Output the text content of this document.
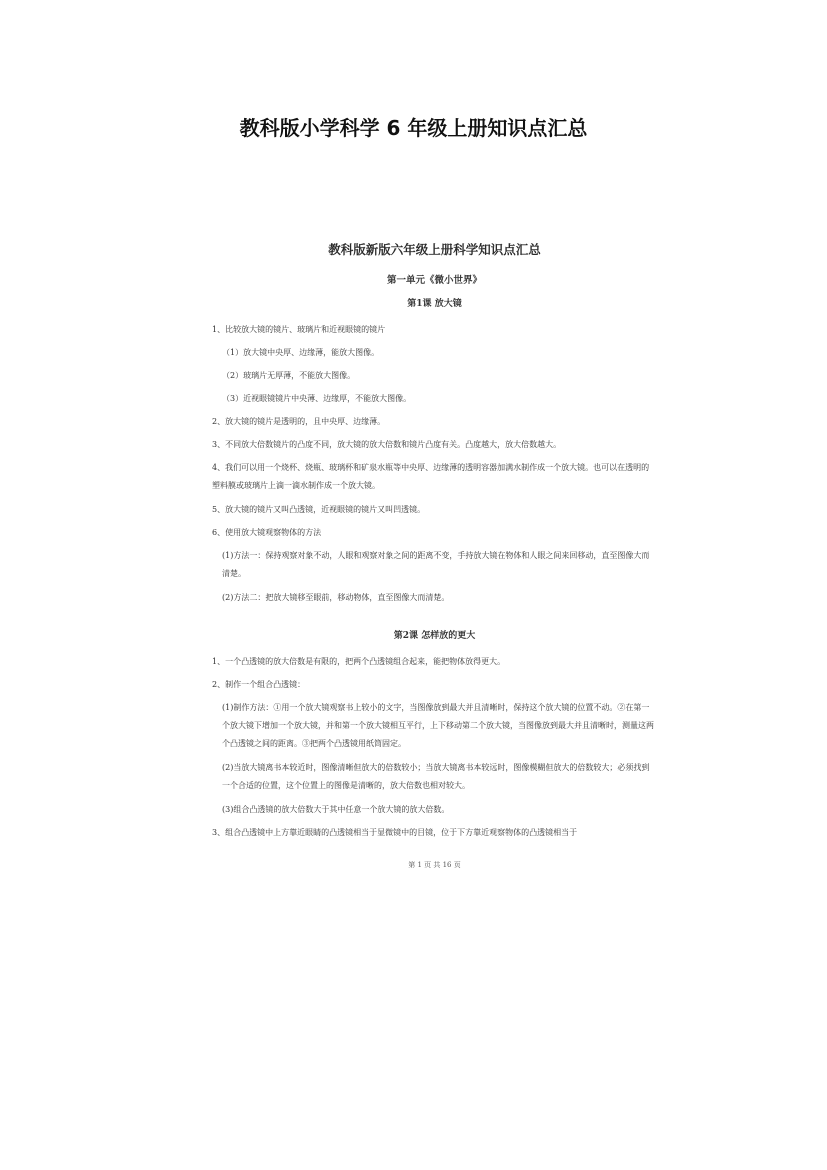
教科版小学科学 6 年级上册知识点汇总
教科版新版六年级上册科学知识点汇总
第一单元《微小世界》
第1课 放大镜
1、比较放大镜的镜片、玻璃片和近视眼镜的镜片
（1）放大镜中央厚、边缘薄，能放大图像。
（2）玻璃片无厚薄，不能放大图像。
（3）近视眼镜镜片中央薄、边缘厚，不能放大图像。
2、放大镜的镜片是透明的，且中央厚、边缘薄。
3、不同放大倍数镜片的凸度不同，放大镜的放大倍数和镜片凸度有关。凸度越大，放大倍数越大。
4、我们可以用一个烧杯、烧瓶、玻璃杯和矿泉水瓶等中央厚、边缘薄的透明容器加满水制作成一个放大镜。也可以在透明的塑料膜或玻璃片上滴一滴水制作成一个放大镜。
5、放大镜的镜片又叫凸透镜，近视眼镜的镜片又叫凹透镜。
6、使用放大镜观察物体的方法
(1)方法一：保持观察对象不动，人眼和观察对象之间的距离不变，手持放大镜在物体和人眼之间来回移动，直至图像大而清楚。
(2)方法二：把放大镜移至眼前，移动物体，直至图像大而清楚。
第2课 怎样放的更大
1、一个凸透镜的放大倍数是有限的，把两个凸透镜组合起来，能把物体放得更大。
2、制作一个组合凸透镜：
(1)制作方法：①用一个放大镜观察书上较小的文字，当图像放到最大并且清晰时，保持这个放大镜的位置不动。②在第一个放大镜下增加一个放大镜，并和第一个放大镜相互平行，上下移动第二个放大镜，当图像放到最大并且清晰时，测量这两个凸透镜之间的距离。③把两个凸透镜用纸筒固定。
(2)当放大镜离书本较近时，图像清晰但放大的倍数较小；当放大镜离书本较远时，图像模糊但放大的倍数较大；必须找到一个合适的位置，这个位置上的图像是清晰的，放大倍数也相对较大。
(3)组合凸透镜的放大倍数大于其中任意一个放大镜的放大倍数。
3、组合凸透镜中上方靠近眼睛的凸透镜相当于显微镜中的目镜，位于下方靠近观察物体的凸透镜相当于
第 1 页 共 16 页
